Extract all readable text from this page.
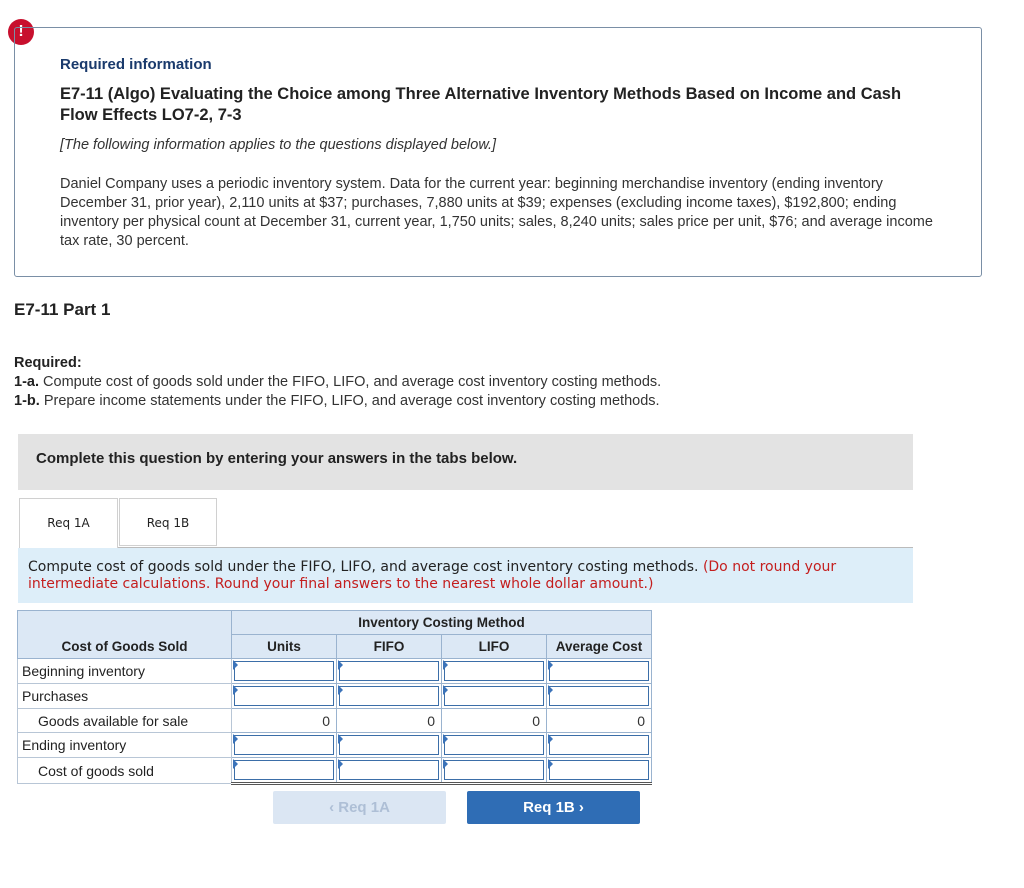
!
Required information
E7-11 (Algo) Evaluating the Choice among Three Alternative Inventory Methods Based on Income and Cash Flow Effects LO7-2, 7-3
[The following information applies to the questions displayed below.]
Daniel Company uses a periodic inventory system. Data for the current year: beginning merchandise inventory (ending inventory December 31, prior year), 2,110 units at $37; purchases, 7,880 units at $39; expenses (excluding income taxes), $192,800; ending inventory per physical count at December 31, current year, 1,750 units; sales, 8,240 units; sales price per unit, $76; and average income tax rate, 30 percent.
E7-11 Part 1
Required:
1-a. Compute cost of goods sold under the FIFO, LIFO, and average cost inventory costing methods.
1-b. Prepare income statements under the FIFO, LIFO, and average cost inventory costing methods.
Complete this question by entering your answers in the tabs below.
Req 1A	Req 1B
Compute cost of goods sold under the FIFO, LIFO, and average cost inventory costing methods. (Do not round your intermediate calculations. Round your final answers to the nearest whole dollar amount.)
	Inventory Costing Method			
Cost of Goods Sold	Units	FIFO	LIFO	Average Cost
Beginning inventory	

Purchases	

Goods available for sale	0	0	0	0
Ending inventory	

Cost of goods sold	

‹ Req 1A	Req 1B ›
